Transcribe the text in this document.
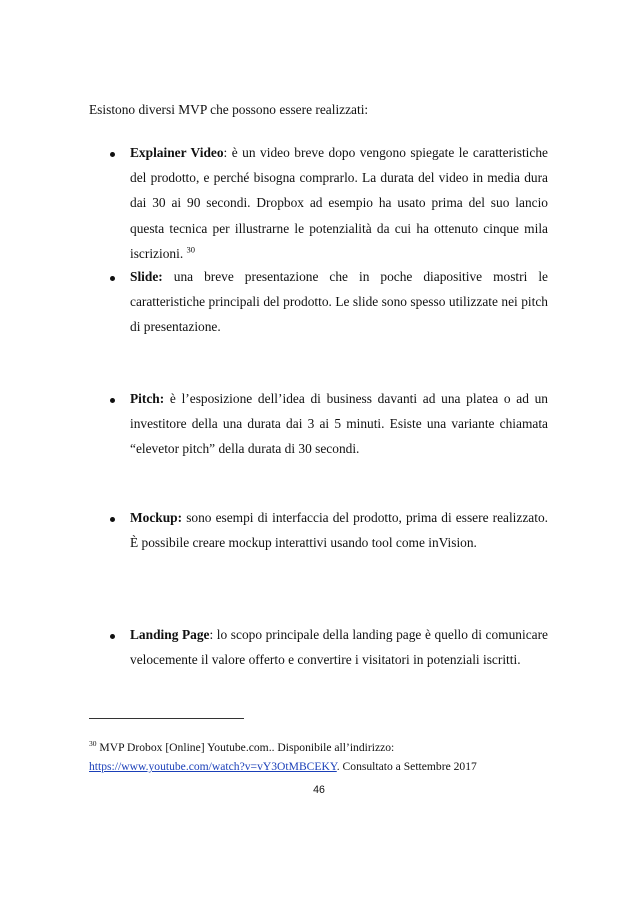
Esistono diversi MVP che possono essere realizzati:
Explainer Video: è un video breve dopo vengono spiegate le caratteristiche del prodotto, e perché bisogna comprarlo. La durata del video in media dura dai 30 ai 90 secondi. Dropbox ad esempio ha usato prima del suo lancio questa tecnica per illustrarne le potenzialità da cui ha ottenuto cinque mila iscrizioni. $^{30}$
Slide: una breve presentazione che in poche diapositive mostri le caratteristiche principali del prodotto. Le slide sono spesso utilizzate nei pitch di presentazione.
Pitch: è l’esposizione dell’idea di business davanti ad una platea o ad un investitore della una durata dai 3 ai 5 minuti. Esiste una variante chiamata “elevetor pitch” della durata di 30 secondi.
Mockup: sono esempi di interfaccia del prodotto, prima di essere realizzato. È possibile creare mockup interattivi usando tool come inVision.
Landing Page: lo scopo principale della landing page è quello di comunicare velocemente il valore offerto e convertire i visitatori in potenziali iscritti.
$^{30}$ MVP Drobox [Online] Youtube.com.. Disponibile all’indirizzo:
https://www.youtube.com/watch?v=vY3OtMBCEKY. Consultato a Settembre 2017
46
